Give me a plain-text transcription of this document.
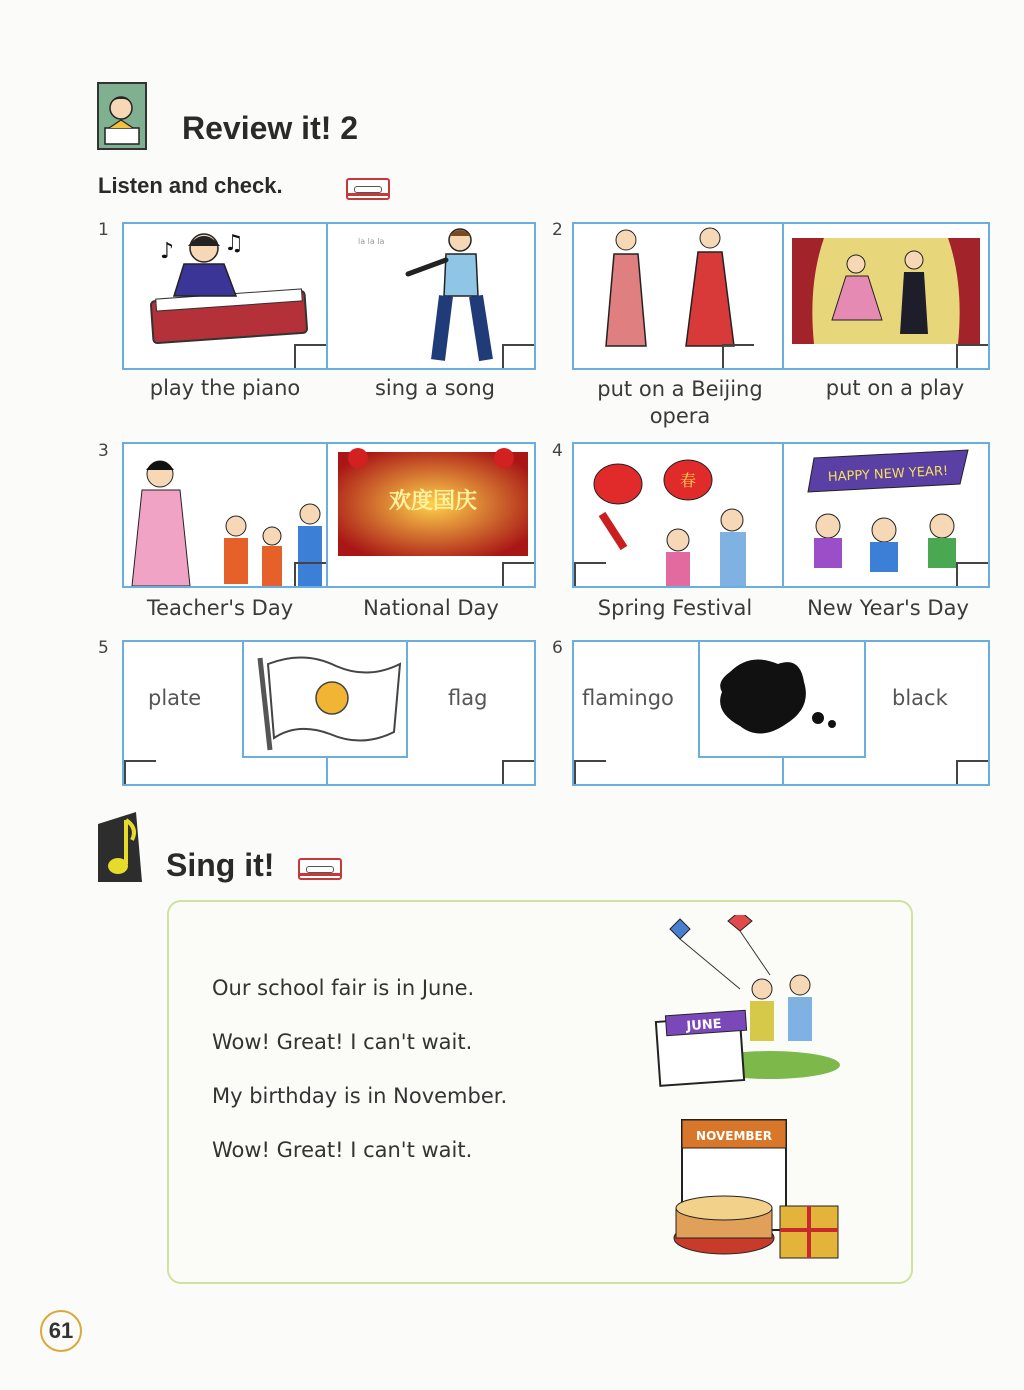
Review it! 2
Listen and check.
1
♪ ♫	la la la
play the piano	sing a song
2
put on a Beijing opera
put on a play
3
欢度国庆
Teacher's Day	National Day
4
春	HAPPY NEW YEAR!
Spring Festival	New Year's Day
5
plate	flag
6
flamingo	black
Sing it!
Our school fair is in June.
Wow! Great! I can't wait.
My birthday is in November.
Wow! Great! I can't wait.
JUNE
NOVEMBER
61
